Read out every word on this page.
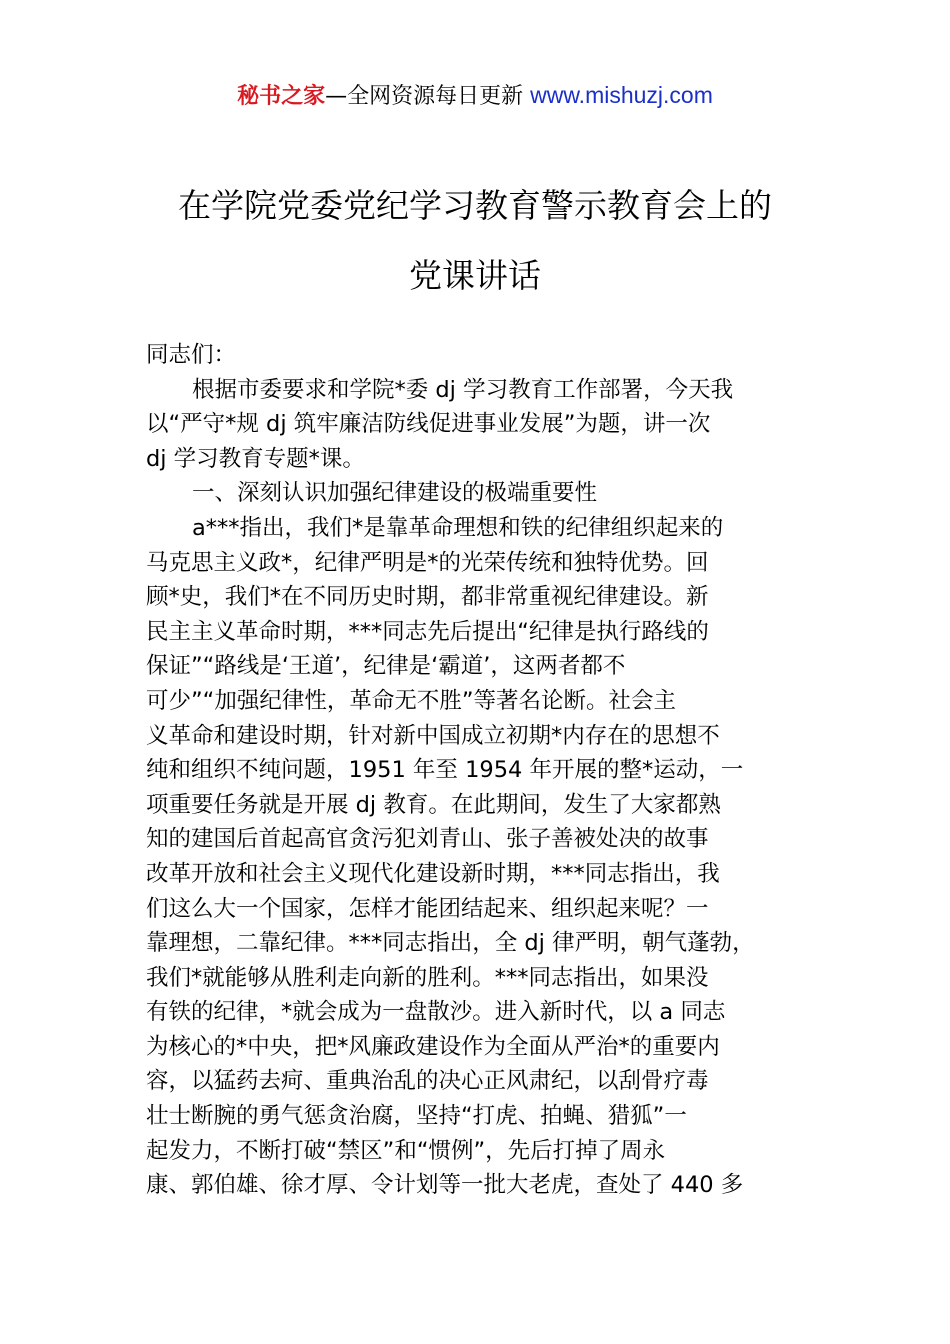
秘书之家—全网资源每日更新 www.mishuzj.com
在学院党委党纪学习教育警示教育会上的
党课讲话
同志们：
根据市委要求和学院*委 dj 学习教育工作部署，今天我
以“严守*规 dj 筑牢廉洁防线促进事业发展”为题，讲一次
dj 学习教育专题*课。
一、深刻认识加强纪律建设的极端重要性
a***指出，我们*是靠革命理想和铁的纪律组织起来的
马克思主义政*，纪律严明是*的光荣传统和独特优势。回
顾*史，我们*在不同历史时期，都非常重视纪律建设。新
民主主义革命时期，***同志先后提出“纪律是执行路线的
保证”“路线是‘王道’，纪律是‘霸道’，这两者都不
可少”“加强纪律性，革命无不胜”等著名论断。社会主
义革命和建设时期，针对新中国成立初期*内存在的思想不
纯和组织不纯问题，1951 年至 1954 年开展的整*运动，一
项重要任务就是开展 dj 教育。在此期间，发生了大家都熟
知的建国后首起高官贪污犯刘青山、张子善被处决的故事
改革开放和社会主义现代化建设新时期，***同志指出，我
们这么大一个国家，怎样才能团结起来、组织起来呢？一
靠理想，二靠纪律。***同志指出，全 dj 律严明，朝气蓬勃，
我们*就能够从胜利走向新的胜利。***同志指出，如果没
有铁的纪律，*就会成为一盘散沙。进入新时代，以 a 同志
为核心的*中央，把*风廉政建设作为全面从严治*的重要内
容，以猛药去疴、重典治乱的决心正风肃纪，以刮骨疗毒
壮士断腕的勇气惩贪治腐，坚持“打虎、拍蝇、猎狐”一
起发力，不断打破“禁区”和“惯例”，先后打掉了周永
康、郭伯雄、徐才厚、令计划等一批大老虎，查处了 440 多
